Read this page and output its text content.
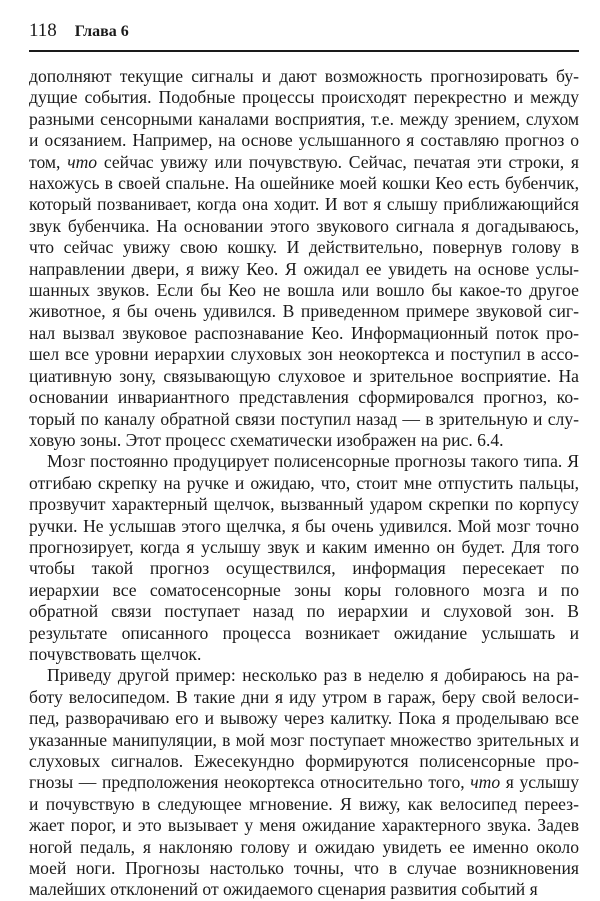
118 Глава 6

дополняют текущие сигналы и дают возможность прогнозировать будущие события. Подобные процессы происходят перекрестно и между разными сенсорными каналами восприятия, т.е. между зрением, слухом и осязанием. Например, на основе услышанного я составляю прогноз о том, что сейчас увижу или почувствую. Сейчас, печатая эти строки, я нахожусь в своей спальне. На ошейнике моей кошки Кео есть бубенчик, который позванивает, когда она ходит. И вот я слышу приближающийся звук бубенчика. На основании этого звукового сигнала я догадываюсь, что сейчас увижу свою кошку. И действительно, повернув голову в направлении двери, я вижу Кео. Я ожидал ее увидеть на основе услышанных звуков. Если бы Кео не вошла или вошло бы какое-то другое животное, я бы очень удивился. В приведенном примере звуковой сигнал вызвал звуковое распознавание Кео. Информационный поток прошел все уровни иерархии слуховых зон неокортекса и поступил в ассоциативную зону, связывающую слуховое и зрительное восприятие. На основании инвариантного представления сформировался прогноз, который по каналу обратной связи поступил назад — в зрительную и слуховую зоны. Этот процесс схематически изображен на рис. 6.4.

Мозг постоянно продуцирует полисенсорные прогнозы такого типа. Я отгибаю скрепку на ручке и ожидаю, что, стоит мне отпустить пальцы, прозвучит характерный щелчок, вызванный ударом скрепки по корпусу ручки. Не услышав этого щелчка, я бы очень удивился. Мой мозг точно прогнозирует, когда я услышу звук и каким именно он будет. Для того чтобы такой прогноз осуществился, информация пересекает по иерархии все соматосенсорные зоны коры головного мозга и по обратной связи поступает назад по иерархии и слуховой зон. В результате описанного процесса возникает ожидание услышать и почувствовать щелчок.

Приведу другой пример: несколько раз в неделю я добираюсь на работу велосипедом. В такие дни я иду утром в гараж, беру свой велосипед, разворачиваю его и вывожу через калитку. Пока я проделываю все указанные манипуляции, в мой мозг поступает множество зрительных и слуховых сигналов. Ежесекундно формируются полисенсорные прогнозы — предположения неокортекса относительно того, что я услышу и почувствую в следующее мгновение. Я вижу, как велосипед переезжает порог, и это вызывает у меня ожидание характерного звука. Задев ногой педаль, я наклоняю голову и ожидаю увидеть ее именно около моей ноги. Прогнозы настолько точны, что в случае возникновения малейших отклонений от ожидаемого сценария развития событий я
